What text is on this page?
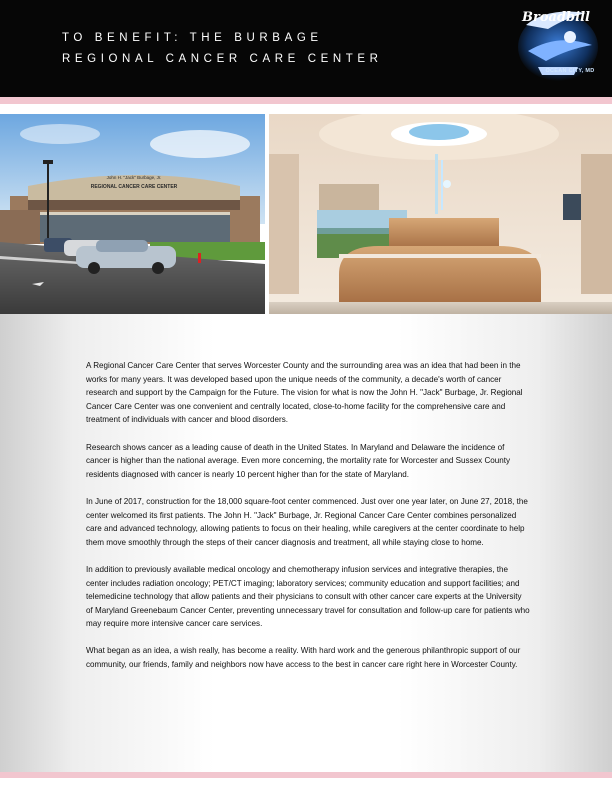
TO BENEFIT: THE BURBAGE
REGIONAL CANCER CARE CENTER
Broadbill
OCEAN CITY, MD
John H. "Jack" Burbage, Jr.
REGIONAL CANCER CARE CENTER

A Regional Cancer Care Center that serves Worcester County and the surrounding area was an idea that had been in the works for many years. It was developed based upon the unique needs of the community, a decade's worth of cancer research and support by the Campaign for the Future. The vision for what is now the John H. "Jack" Burbage, Jr. Regional Cancer Care Center was one convenient and centrally located, close-to-home facility for the comprehensive care and treatment of individuals with cancer and blood disorders.

Research shows cancer as a leading cause of death in the United States. In Maryland and Delaware the incidence of cancer is higher than the national average. Even more concerning, the mortality rate for Worcester and Sussex County residents diagnosed with cancer is nearly 10 percent higher than for the state of Maryland.

In June of 2017, construction for the 18,000 square-foot center commenced. Just over one year later, on June 27, 2018, the center welcomed its first patients. The John H. "Jack" Burbage, Jr. Regional Cancer Care Center combines personalized care and advanced technology, allowing patients to focus on their healing, while caregivers at the center coordinate to help them move smoothly through the steps of their cancer diagnosis and treatment, all while staying close to home.

In addition to previously available medical oncology and chemotherapy infusion services and integrative therapies, the center includes radiation oncology; PET/CT imaging; laboratory services; community education and support facilities; and telemedicine technology that allow patients and their physicians to consult with other cancer care experts at the University of Maryland Greenebaum Cancer Center, preventing unnecessary travel for consultation and follow-up care for patients who may require more intensive cancer care services.

What began as an idea, a wish really, has become a reality. With hard work and the generous philanthropic support of our community, our friends, family and neighbors now have access to the best in cancer care right here in Worcester County.
